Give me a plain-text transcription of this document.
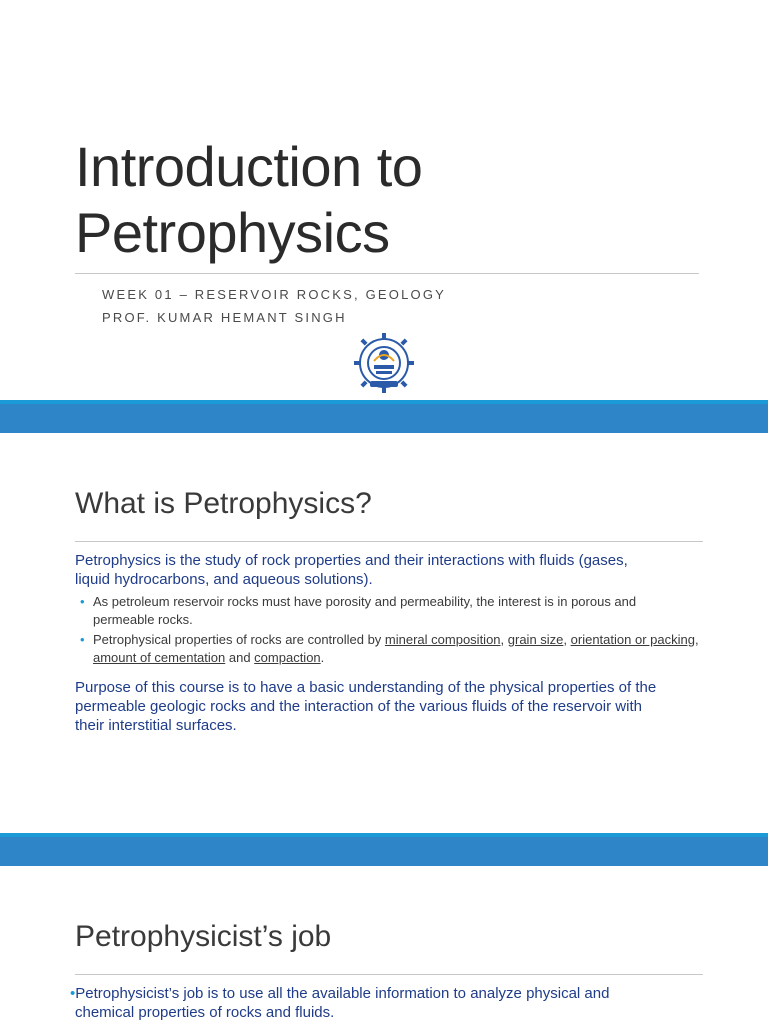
Introduction to
Petrophysics

WEEK 01 – RESERVOIR ROCKS, GEOLOGY

PROF. KUMAR HEMANT SINGH

What is Petrophysics?

Petrophysics is the study of rock properties and their interactions with fluids (gases,
liquid hydrocarbons, and aqueous solutions).

• As petroleum reservoir rocks must have porosity and permeability, the interest is in porous and permeable rocks.
• Petrophysical properties of rocks are controlled by mineral composition, grain size, orientation or packing, amount of cementation and compaction.

Purpose of this course is to have a basic understanding of the physical properties of the
permeable geologic rocks and the interaction of the various fluids of the reservoir with
their interstitial surfaces.

Petrophysicist’s job

•Petrophysicist’s job is to use all the available information to analyze physical and
chemical properties of rocks and fluids.
